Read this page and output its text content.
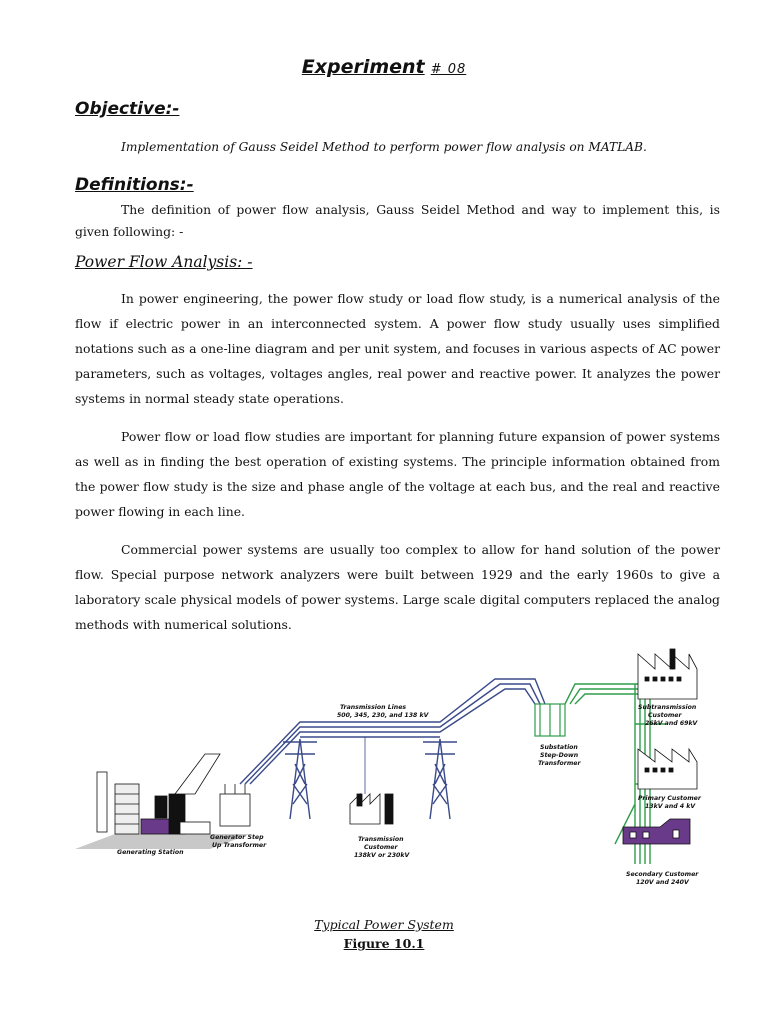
Experiment # 08
Objective:-
Implementation of Gauss Seidel Method to perform power flow analysis on MATLAB.
Definitions:-
The definition of power flow analysis, Gauss Seidel Method and way to implement this, is given following: -
Power Flow Analysis: -
In power engineering, the power flow study or load flow study, is a numerical analysis of the flow if electric power in an interconnected system. A power flow study usually uses simplified notations such as a one-line diagram and per unit system, and focuses in various aspects of AC power parameters, such as voltages, voltages angles, real power and reactive power. It analyzes the power systems in normal steady state operations.
Power flow or load flow studies are important for planning future expansion of power systems as well as in finding the best operation of existing systems. The principle information obtained from the power flow study is the size and phase angle of the voltage at each bus, and the real and reactive power flowing in each line.
Commercial power systems are usually too complex to allow for hand solution of the power flow. Special purpose network analyzers were built between 1929 and the early 1960s to give a laboratory scale physical models of power systems. Large scale digital computers replaced the analog methods with numerical solutions.
Generating Station
Generator Step
Up Transformer
Transmission Lines
500, 345, 230, and 138 kV
Transmission
Customer
138kV or 230kV
Substation
Step-Down
Transformer
Subtransmission
Customer
26kV and 69kV
Primary Customer
13kV and 4 kV
Secondary Customer
120V and 240V
Typical Power System
Figure 10.1
